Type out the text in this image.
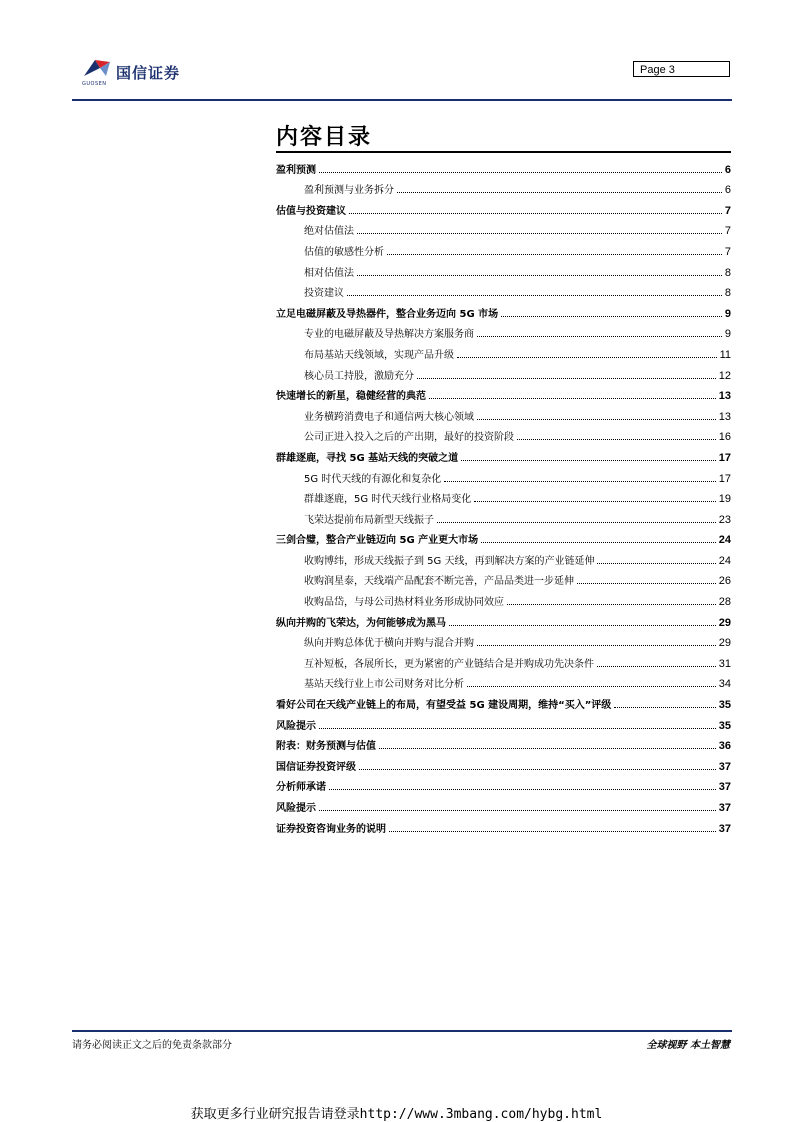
国信证券
GUOSEN
Page 3
内容目录
盈利预测	6
盈利预测与业务拆分	6
估值与投资建议	7
绝对估值法	7
估值的敏感性分析	7
相对估值法	8
投资建议	8
立足电磁屏蔽及导热器件，整合业务迈向 5G 市场	9
专业的电磁屏蔽及导热解决方案服务商	9
布局基站天线领域，实现产品升级	11
核心员工持股，激励充分	12
快速增长的新星，稳健经营的典范	13
业务横跨消费电子和通信两大核心领域	13
公司正进入投入之后的产出期，最好的投资阶段	16
群雄逐鹿，寻找 5G 基站天线的突破之道	17
5G 时代天线的有源化和复杂化	17
群雄逐鹿，5G 时代天线行业格局变化	19
飞荣达提前布局新型天线振子	23
三剑合璧，整合产业链迈向 5G 产业更大市场	24
收购博纬，形成天线振子到 5G 天线，再到解决方案的产业链延伸	24
收购润星泰，天线端产品配套不断完善，产品品类进一步延伸	26
收购品岱，与母公司热材料业务形成协同效应	28
纵向并购的飞荣达，为何能够成为黑马	29
纵向并购总体优于横向并购与混合并购	29
互补短板，各展所长，更为紧密的产业链结合是并购成功先决条件	31
基站天线行业上市公司财务对比分析	34
看好公司在天线产业链上的布局，有望受益 5G 建设周期，维持“买入”评级	35
风险提示	35
附表：财务预测与估值	36
国信证券投资评级	37
分析师承诺	37
风险提示	37
证券投资咨询业务的说明	37
请务必阅读正文之后的免责条款部分	全球视野 本土智慧
获取更多行业研究报告请登录http://www.3mbang.com/hybg.html
